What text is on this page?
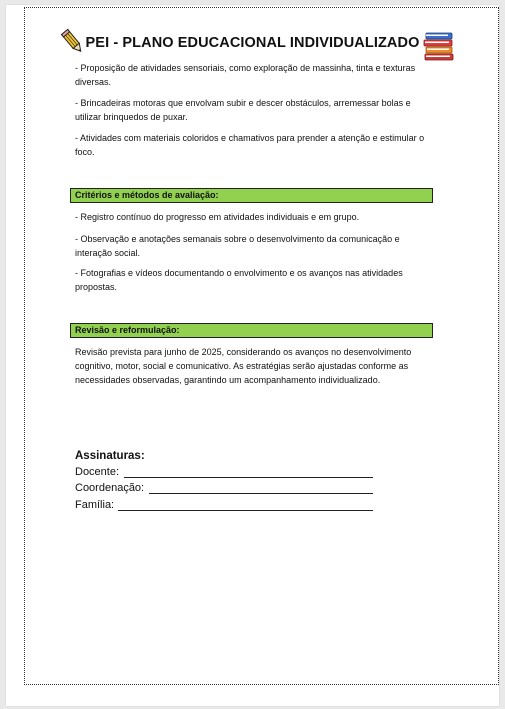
PEI - PLANO EDUCACIONAL INDIVIDUALIZADO
- Proposição de atividades sensoriais, como exploração de massinha, tinta e texturas diversas.
- Brincadeiras motoras que envolvam subir e descer obstáculos, arremessar bolas e utilizar brinquedos de puxar.
- Atividades com materiais coloridos e chamativos para prender a atenção e estimular o foco.
Critérios e métodos de avaliação:
- Registro contínuo do progresso em atividades individuais e em grupo.
- Observação e anotações semanais sobre o desenvolvimento da comunicação e interação social.
- Fotografias e vídeos documentando o envolvimento e os avanços nas atividades propostas.
Revisão e reformulação:
Revisão prevista para junho de 2025, considerando os avanços no desenvolvimento cognitivo, motor, social e comunicativo. As estratégias serão ajustadas conforme as necessidades observadas, garantindo um acompanhamento individualizado.
Assinaturas:
Docente:
Coordenação:
Família:
